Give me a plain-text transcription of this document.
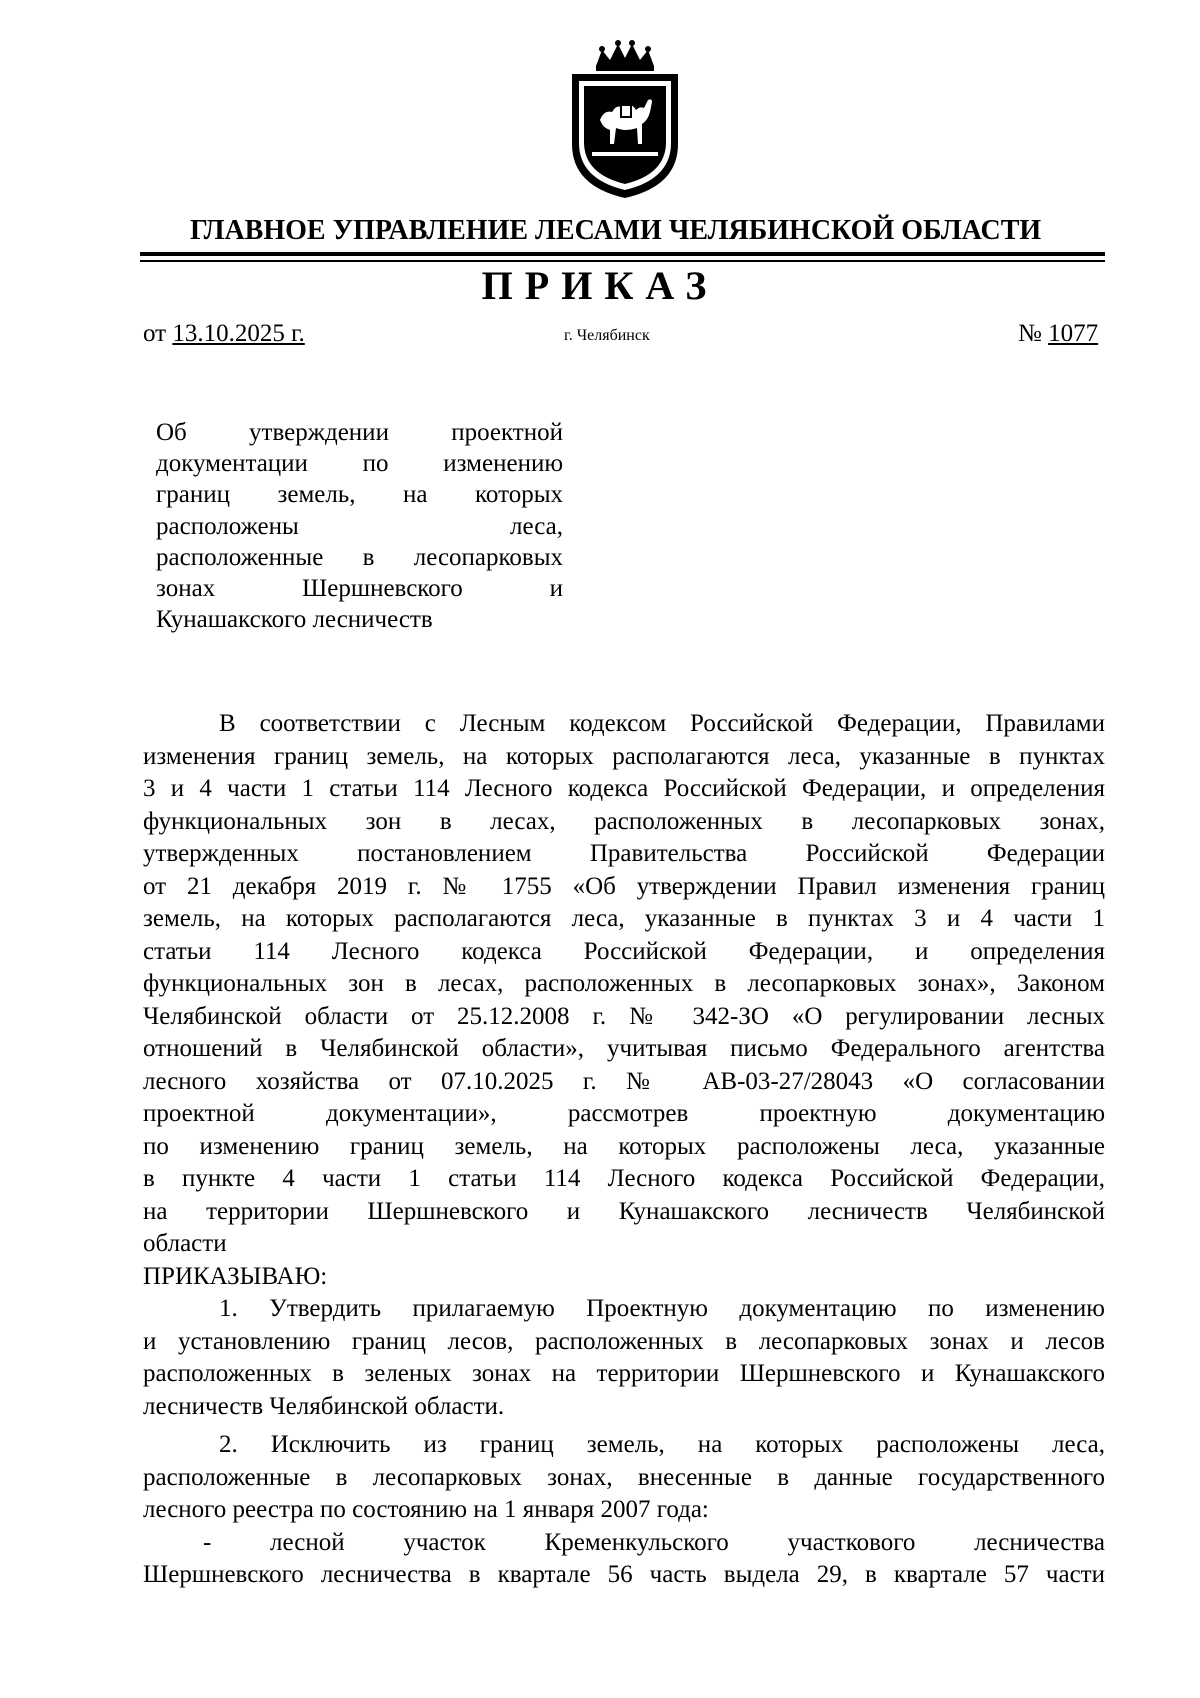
ГЛАВНОЕ УПРАВЛЕНИЕ ЛЕСАМИ ЧЕЛЯБИНСКОЙ ОБЛАСТИ
ПРИКАЗ
от 13.10.2025 г.	г. Челябинск	№ 1077
Об утверждении проектной
документации по изменению
границ земель, на которых
расположены леса,
расположенные в лесопарковых
зонах Шершневского и
Кунашакского лесничеств
В соответствии с Лесным кодексом Российской Федерации, Правилами
изменения границ земель, на которых располагаются леса, указанные в пунктах
3 и 4 части 1 статьи 114 Лесного кодекса Российской Федерации, и определения
функциональных зон в лесах, расположенных в лесопарковых зонах,
утвержденных постановлением Правительства Российской Федерации
от 21 декабря 2019 г. № 1755 «Об утверждении Правил изменения границ
земель, на которых располагаются леса, указанные в пунктах 3 и 4 части 1
статьи 114 Лесного кодекса Российской Федерации, и определения
функциональных зон в лесах, расположенных в лесопарковых зонах», Законом
Челябинской области от 25.12.2008 г. № 342-ЗО «О регулировании лесных
отношений в Челябинской области», учитывая письмо Федерального агентства
лесного хозяйства от 07.10.2025 г. № АВ-03-27/28043 «О согласовании
проектной документации», рассмотрев проектную документацию
по изменению границ земель, на которых расположены леса, указанные
в пункте 4 части 1 статьи 114 Лесного кодекса Российской Федерации,
на территории Шершневского и Кунашакского лесничеств Челябинской
области
ПРИКАЗЫВАЮ:
1. Утвердить прилагаемую Проектную документацию по изменению
и установлению границ лесов, расположенных в лесопарковых зонах и лесов
расположенных в зеленых зонах на территории Шершневского и Кунашакского
лесничеств Челябинской области.
2. Исключить из границ земель, на которых расположены леса,
расположенные в лесопарковых зонах, внесенные в данные государственного
лесного реестра по состоянию на 1 января 2007 года:
- лесной участок Кременкульского участкового лесничества
Шершневского лесничества в квартале 56 часть выдела 29, в квартале 57 части
